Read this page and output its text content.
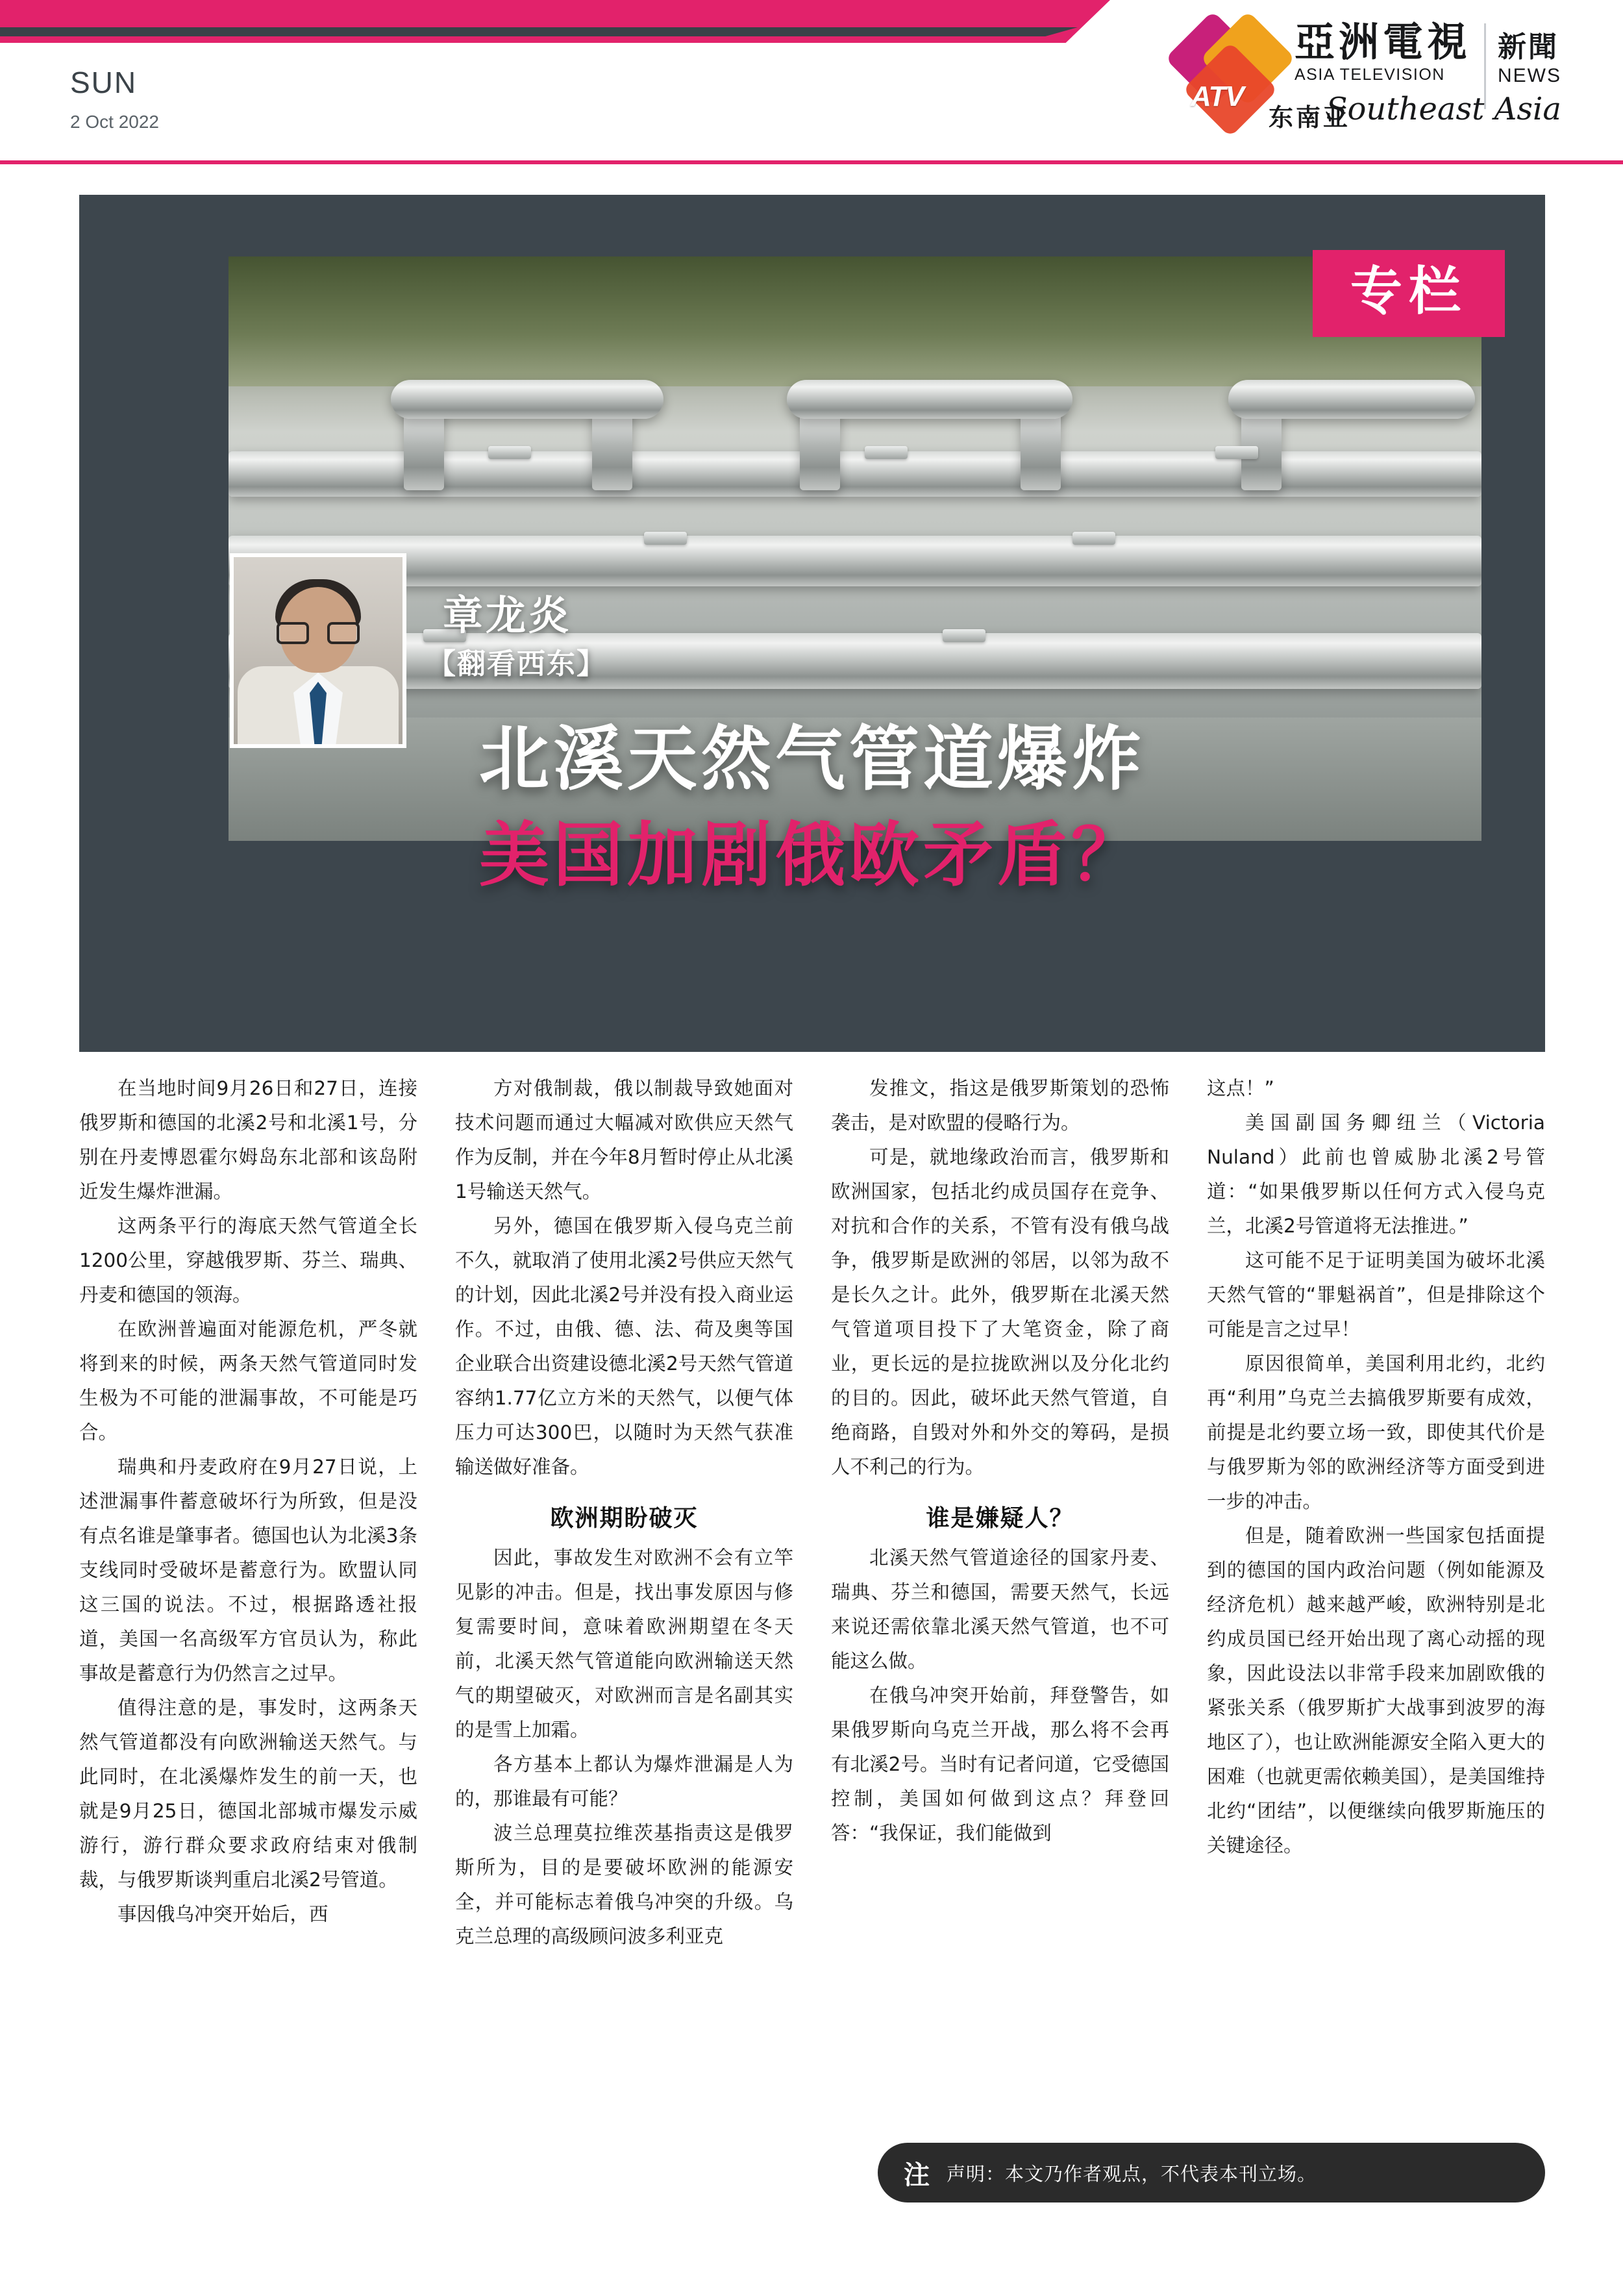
SUN
2 Oct 2022
ATV
亞洲電視
ASIA TELEVISION
新聞
NEWS
东南亚
Southeast Asia
专栏
章龙炎
【翻看西东】
北溪天然气管道爆炸
美国加剧俄欧矛盾？

在当地时间9月26日和27日，连接俄罗斯和德国的北溪2号和北溪1号，分别在丹麦博恩霍尔姆岛东北部和该岛附近发生爆炸泄漏。

这两条平行的海底天然气管道全长1200公里，穿越俄罗斯、芬兰、瑞典、丹麦和德国的领海。

在欧洲普遍面对能源危机，严冬就将到来的时候，两条天然气管道同时发生极为不可能的泄漏事故，不可能是巧合。

瑞典和丹麦政府在9月27日说，上述泄漏事件蓄意破坏行为所致，但是没有点名谁是肇事者。德国也认为北溪3条支线同时受破坏是蓄意行为。欧盟认同这三国的说法。不过，根据路透社报道，美国一名高级军方官员认为，称此事故是蓄意行为仍然言之过早。

值得注意的是，事发时，这两条天然气管道都没有向欧洲输送天然气。与此同时，在北溪爆炸发生的前一天，也就是9月25日，德国北部城市爆发示威游行，游行群众要求政府结束对俄制裁，与俄罗斯谈判重启北溪2号管道。

事因俄乌冲突开始后，西

方对俄制裁，俄以制裁导致她面对技术问题而通过大幅减对欧供应天然气作为反制，并在今年8月暂时停止从北溪1号输送天然气。

另外，德国在俄罗斯入侵乌克兰前不久，就取消了使用北溪2号供应天然气的计划，因此北溪2号并没有投入商业运作。不过，由俄、德、法、荷及奥等国企业联合出资建设德北溪2号天然气管道容纳1.77亿立方米的天然气，以便气体压力可达300巴，以随时为天然气获准输送做好准备。

欧洲期盼破灭

因此，事故发生对欧洲不会有立竿见影的冲击。但是，找出事发原因与修复需要时间，意味着欧洲期望在冬天前，北溪天然气管道能向欧洲输送天然气的期望破灭，对欧洲而言是名副其实的是雪上加霜。

各方基本上都认为爆炸泄漏是人为的，那谁最有可能？

波兰总理莫拉维茨基指责这是俄罗斯所为，目的是要破坏欧洲的能源安全，并可能标志着俄乌冲突的升级。乌克兰总理的高级顾问波多利亚克

发推文，指这是俄罗斯策划的恐怖袭击，是对欧盟的侵略行为。

可是，就地缘政治而言，俄罗斯和欧洲国家，包括北约成员国存在竞争、对抗和合作的关系，不管有没有俄乌战争，俄罗斯是欧洲的邻居，以邻为敌不是长久之计。此外，俄罗斯在北溪天然气管道项目投下了大笔资金，除了商业，更长远的是拉拢欧洲以及分化北约的目的。因此，破坏此天然气管道，自绝商路，自毁对外和外交的筹码，是损人不利己的行为。

谁是嫌疑人？

北溪天然气管道途径的国家丹麦、瑞典、芬兰和德国，需要天然气，长远来说还需依靠北溪天然气管道，也不可能这么做。

在俄乌冲突开始前，拜登警告，如果俄罗斯向乌克兰开战，那么将不会再有北溪2号。当时有记者问道，它受德国控制，美国如何做到这点？拜登回答：“我保证，我们能做到

这点！”

美国副国务卿纽兰（Victoria Nuland）此前也曾威胁北溪2号管道：“如果俄罗斯以任何方式入侵乌克兰，北溪2号管道将无法推进。”

这可能不足于证明美国为破坏北溪天然气管的“罪魁祸首”，但是排除这个可能是言之过早！

原因很简单，美国利用北约，北约再“利用”乌克兰去搞俄罗斯要有成效，前提是北约要立场一致，即使其代价是与俄罗斯为邻的欧洲经济等方面受到进一步的冲击。

但是，随着欧洲一些国家包括面提到的德国的国内政治问题（例如能源及经济危机）越来越严峻，欧洲特别是北约成员国已经开始出现了离心动摇的现象，因此设法以非常手段来加剧欧俄的紧张关系（俄罗斯扩大战事到波罗的海地区了），也让欧洲能源安全陷入更大的困难（也就更需依赖美国），是美国维持北约“团结”，以便继续向俄罗斯施压的关键途径。

注 声明：本文乃作者观点，不代表本刊立场。
